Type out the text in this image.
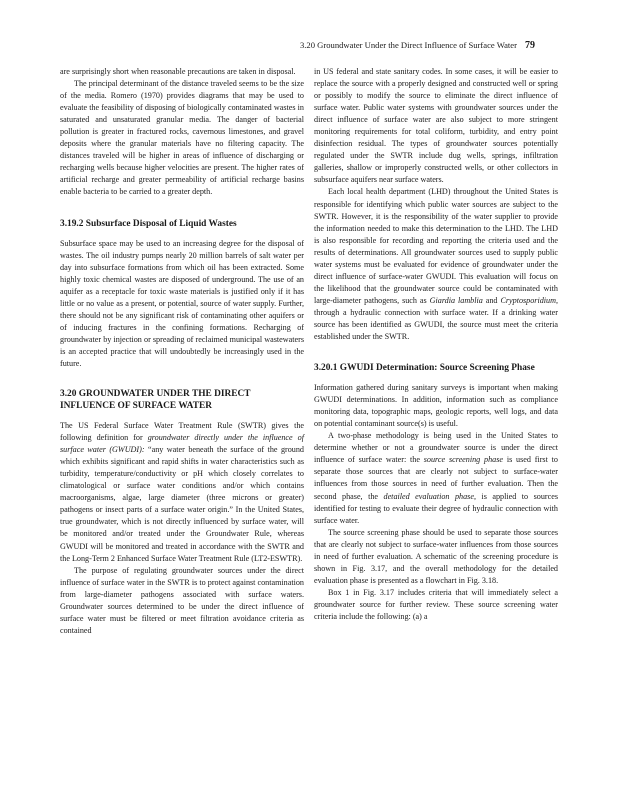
3.20 Groundwater Under the Direct Influence of Surface Water 79

are surprisingly short when reasonable precautions are taken in disposal.

The principal determinant of the distance traveled seems to be the size of the media. Romero (1970) provides diagrams that may be used to evaluate the feasibility of disposing of biologically contaminated wastes in saturated and unsaturated granular media. The danger of bacterial pollution is greater in fractured rocks, cavernous limestones, and gravel deposits where the granular materials have no filtering capacity. The distances traveled will be higher in areas of influence of discharging or recharging wells because higher velocities are present. The higher rates of artificial recharge and greater permeability of artificial recharge basins enable bacteria to be carried to a greater depth.

3.19.2 Subsurface Disposal of Liquid Wastes

Subsurface space may be used to an increasing degree for the disposal of wastes. The oil industry pumps nearly 20 million barrels of salt water per day into subsurface formations from which oil has been extracted. Some highly toxic chemical wastes are disposed of underground. The use of an aquifer as a receptacle for toxic waste materials is justified only if it has little or no value as a present, or potential, source of water supply. Further, there should not be any significant risk of contaminating other aquifers or of inducing fractures in the confining formations. Recharging of groundwater by injection or spreading of reclaimed municipal wastewaters is an accepted practice that will undoubtedly be increasingly used in the future.

3.20 GROUNDWATER UNDER THE DIRECT INFLUENCE OF SURFACE WATER

The US Federal Surface Water Treatment Rule (SWTR) gives the following definition for groundwater directly under the influence of surface water (GWUDI): “any water beneath the surface of the ground which exhibits significant and rapid shifts in water characteristics such as turbidity, temperature/conductivity or pH which closely correlates to climatological or surface water conditions and/or which contains macroorganisms, algae, large diameter (three microns or greater) pathogens or insect parts of a surface water origin.” In the United States, true groundwater, which is not directly influenced by surface water, will be monitored and/or treated under the Groundwater Rule, whereas GWUDI will be monitored and treated in accordance with the SWTR and the Long-Term 2 Enhanced Surface Water Treatment Rule (LT2-ESWTR).

The purpose of regulating groundwater sources under the direct influence of surface water in the SWTR is to protect against contamination from large-diameter pathogens associated with surface waters. Groundwater sources determined to be under the direct influence of surface water must be filtered or meet filtration avoidance criteria as contained

in US federal and state sanitary codes. In some cases, it will be easier to replace the source with a properly designed and constructed well or spring or possibly to modify the source to eliminate the direct influence of surface water. Public water systems with groundwater sources under the direct influence of surface water are also subject to more stringent monitoring requirements for total coliform, turbidity, and entry point disinfection residual. The types of groundwater sources potentially regulated under the SWTR include dug wells, springs, infiltration galleries, shallow or improperly constructed wells, or other collectors in subsurface aquifers near surface waters.

Each local health department (LHD) throughout the United States is responsible for identifying which public water sources are subject to the SWTR. However, it is the responsibility of the water supplier to provide the information needed to make this determination to the LHD. The LHD is also responsible for recording and reporting the criteria used and the results of determinations. All groundwater sources used to supply public water systems must be evaluated for evidence of groundwater under the direct influence of surface-water GWUDI. This evaluation will focus on the likelihood that the groundwater source could be contaminated with large-diameter pathogens, such as Giardia lamblia and Cryptosporidium, through a hydraulic connection with surface water. If a drinking water source has been identified as GWUDI, the source must meet the criteria established under the SWTR.

3.20.1 GWUDI Determination: Source Screening Phase

Information gathered during sanitary surveys is important when making GWUDI determinations. In addition, information such as compliance monitoring data, topographic maps, geologic reports, well logs, and data on potential contaminant source(s) is useful.

A two-phase methodology is being used in the United States to determine whether or not a groundwater source is under the direct influence of surface water: the source screening phase is used first to separate those sources that are clearly not subject to surface-water influences from those sources in need of further evaluation. Then the second phase, the detailed evaluation phase, is applied to sources identified for testing to evaluate their degree of hydraulic connection with surface water.

The source screening phase should be used to separate those sources that are clearly not subject to surface-water influences from those sources in need of further evaluation. A schematic of the screening procedure is shown in Fig. 3.17, and the overall methodology for the detailed evaluation phase is presented as a flowchart in Fig. 3.18.

Box 1 in Fig. 3.17 includes criteria that will immediately select a groundwater source for further review. These source screening water criteria include the following: (a) a
